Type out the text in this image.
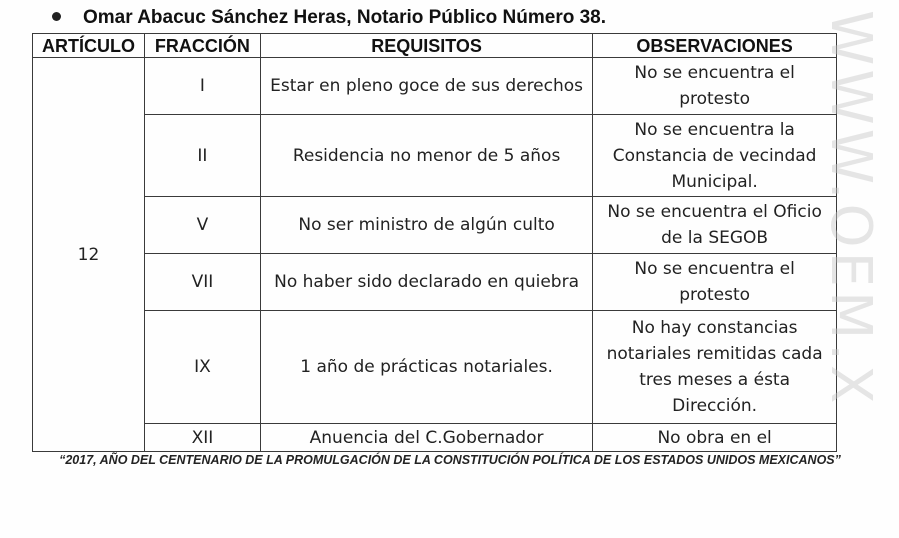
Omar Abacuc Sánchez Heras, Notario Público Número 38.
ARTÍCULO	FRACCIÓN	REQUISITOS	OBSERVACIONES
12	I	Estar en pleno goce de sus derechos	No se encuentra el protesto
	II	Residencia no menor de 5 años	No se encuentra la Constancia de vecindad Municipal.
	V	No ser ministro de algún culto	No se encuentra el Oficio de la SEGOB
	VII	No haber sido declarado en quiebra	No se encuentra el protesto
	IX	1 año de prácticas notariales.	No hay constancias notariales remitidas cada tres meses a ésta Dirección.
	XII	Anuencia del C.Gobernador	No obra en el
“2017, AÑO DEL CENTENARIO DE LA PROMULGACIÓN DE LA CONSTITUCIÓN POLÍTICA DE LOS ESTADOS UNIDOS MEXICANOS”
WWW.OEM.X
